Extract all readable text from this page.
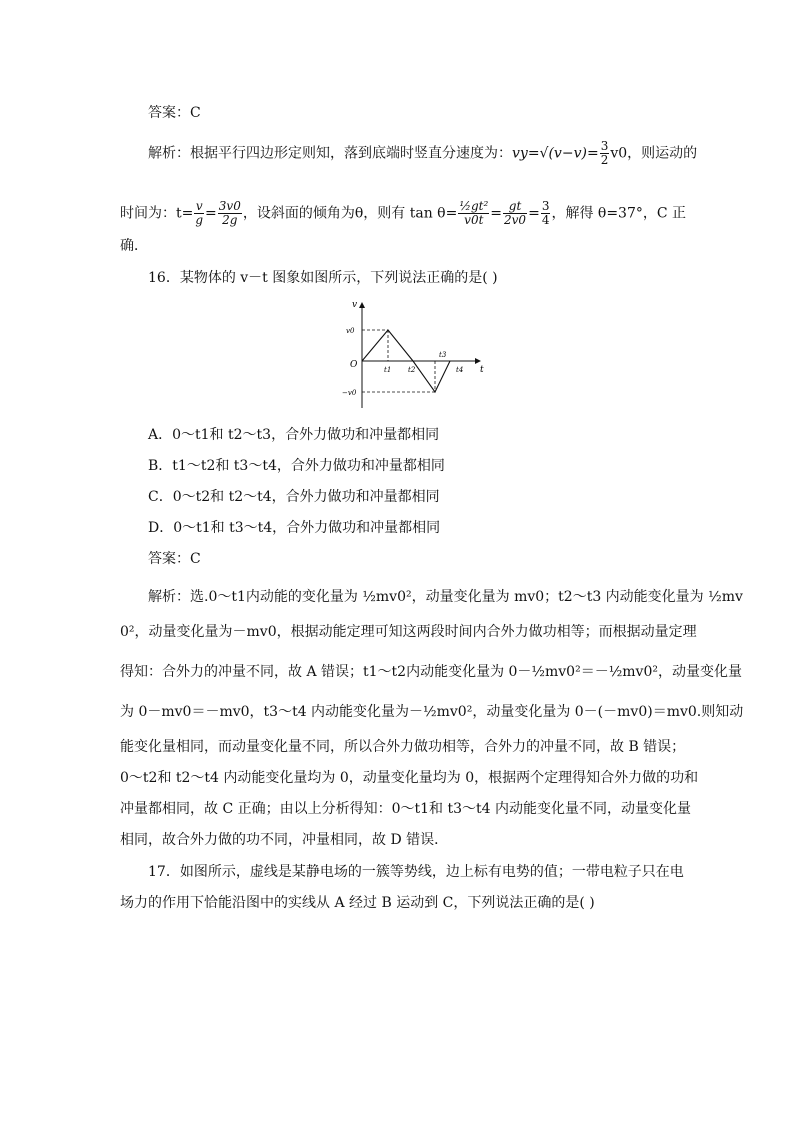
答案：C
解析：根据平行四边形定则知，落到底端时竖直分速度为：$vy=√(v-v)= \frac{3}{2} v0$，则运动的
时间为：$t= \frac{v}{g} = \frac{3v0}{2g}$ ，设斜面的倾角为θ，则有 $\tan \theta= \frac{\text{½gt²}}{v0t} = \frac{gt}{2v0} = \frac{3}{4}$ ，解得 θ=37°，C 正
确．
16．某物体的 v－t 图象如图所示，下列说法正确的是( )
v
t
O
v0
−v0
t1 t2
t3
t4
A．0～t1和 t2～t3，合外力做功和冲量都相同
B．t1～t2和 t3～t4，合外力做功和冲量都相同
C．0～t2和 t2～t4，合外力做功和冲量都相同
D．0～t1和 t3～t4，合外力做功和冲量都相同
答案：C
解析：选.0～t1内动能的变化量为 ½mv0²，动量变化量为 mv0；t2～t3 内动能变化量为 ½mv
0²，动量变化量为－mv0，根据动能定理可知这两段时间内合外力做功相等；而根据动量定理
得知：合外力的冲量不同，故 A 错误；t1～t2内动能变化量为 0－½mv0²＝－½mv0²，动量变化量
为 0－mv0＝－mv0，t3～t4 内动能变化量为－½mv0²，动量变化量为 0－(－mv0)＝mv0.则知动
能变化量相同，而动量变化量不同，所以合外力做功相等，合外力的冲量不同，故 B 错误；
0～t2和 t2～t4 内动能变化量均为 0，动量变化量均为 0，根据两个定理得知合外力做的功和
冲量都相同，故 C 正确；由以上分析得知：0～t1和 t3～t4 内动能变化量不同，动量变化量
相同，故合外力做的功不同，冲量相同，故 D 错误．
17．如图所示，虚线是某静电场的一簇等势线，边上标有电势的值；一带电粒子只在电
场力的作用下恰能沿图中的实线从 A 经过 B 运动到 C，下列说法正确的是( )
